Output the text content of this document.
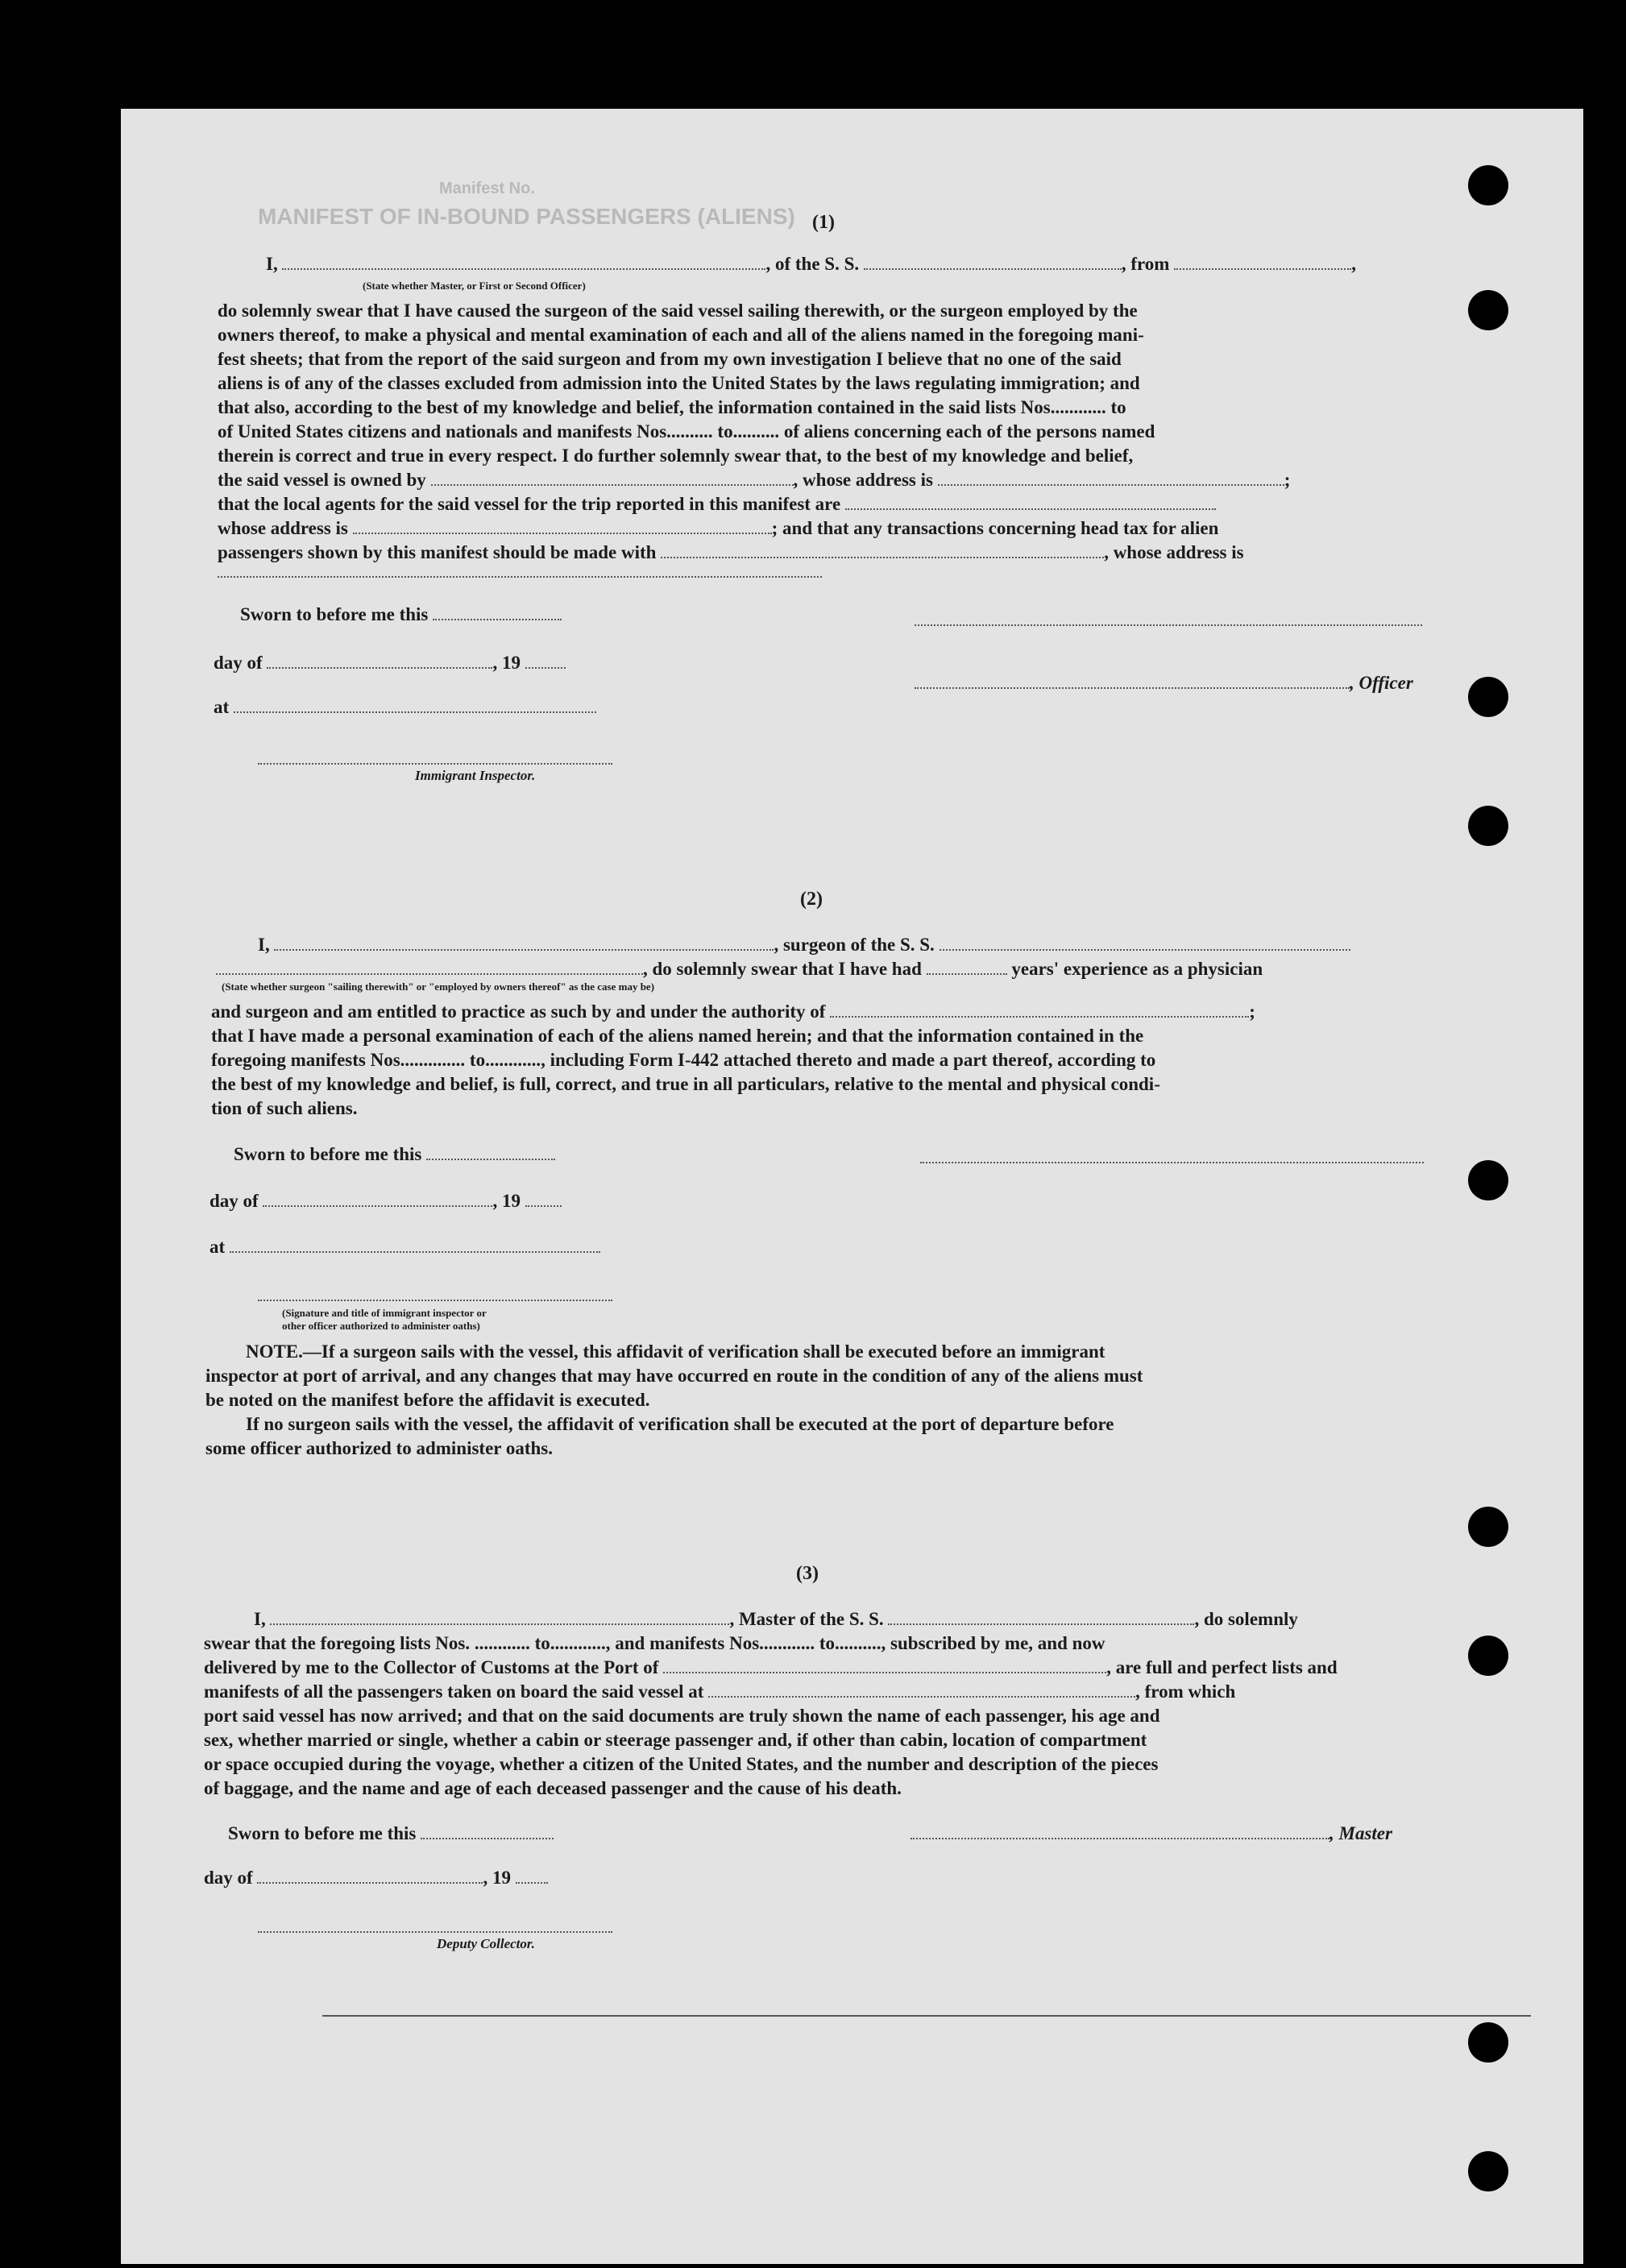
Manifest No.
MANIFEST OF IN-BOUND PASSENGERS (ALIENS) (1)
I,	, of the S. S.	, from	,
(State whether Master, or First or Second Officer)
do solemnly swear that I have caused the surgeon of the said vessel sailing therewith, or the surgeon employed by the
owners thereof, to make a physical and mental examination of each and all of the aliens named in the foregoing mani-
fest sheets; that from the report of the said surgeon and from my own investigation I believe that no one of the said
aliens is of any of the classes excluded from admission into the United States by the laws regulating immigration; and
that also, according to the best of my knowledge and belief, the information contained in the said lists Nos............ to
of United States citizens and nationals and manifests Nos.......... to.......... of aliens concerning each of the persons named
therein is correct and true in every respect. I do further solemnly swear that, to the best of my knowledge and belief,
the said vessel is owned by	, whose address is	;
that the local agents for the said vessel for the trip reported in this manifest are
whose address is	; and that any transactions concerning head tax for alien
passengers shown by this manifest should be made with	, whose address is
Sworn to before me this
day of	, 19
, Officer
at
Immigrant Inspector.
(2)
I,	, surgeon of the S. S.
, do solemnly swear that I have had	years' experience as a physician
(State whether surgeon "sailing therewith" or "employed by owners thereof" as the case may be)
and surgeon and am entitled to practice as such by and under the authority of	;
that I have made a personal examination of each of the aliens named herein; and that the information contained in the
foregoing manifests Nos.............. to............, including Form I-442 attached thereto and made a part thereof, according to
the best of my knowledge and belief, is full, correct, and true in all particulars, relative to the mental and physical condi-
tion of such aliens.
Sworn to before me this
day of	, 19
at
(Signature and title of immigrant inspector or
other officer authorized to administer oaths)
NOTE.—If a surgeon sails with the vessel, this affidavit of verification shall be executed before an immigrant
inspector at port of arrival, and any changes that may have occurred en route in the condition of any of the aliens must
be noted on the manifest before the affidavit is executed.
If no surgeon sails with the vessel, the affidavit of verification shall be executed at the port of departure before
some officer authorized to administer oaths.
(3)
I,	, Master of the S. S.	, do solemnly
swear that the foregoing lists Nos. ............ to............, and manifests Nos............ to.........., subscribed by me, and now
delivered by me to the Collector of Customs at the Port of	, are full and perfect lists and
manifests of all the passengers taken on board the said vessel at	, from which
port said vessel has now arrived; and that on the said documents are truly shown the name of each passenger, his age and
sex, whether married or single, whether a cabin or steerage passenger and, if other than cabin, location of compartment
or space occupied during the voyage, whether a citizen of the United States, and the number and description of the pieces
of baggage, and the name and age of each deceased passenger and the cause of his death.
Sworn to before me this	, Master
day of	, 19
Deputy Collector.
